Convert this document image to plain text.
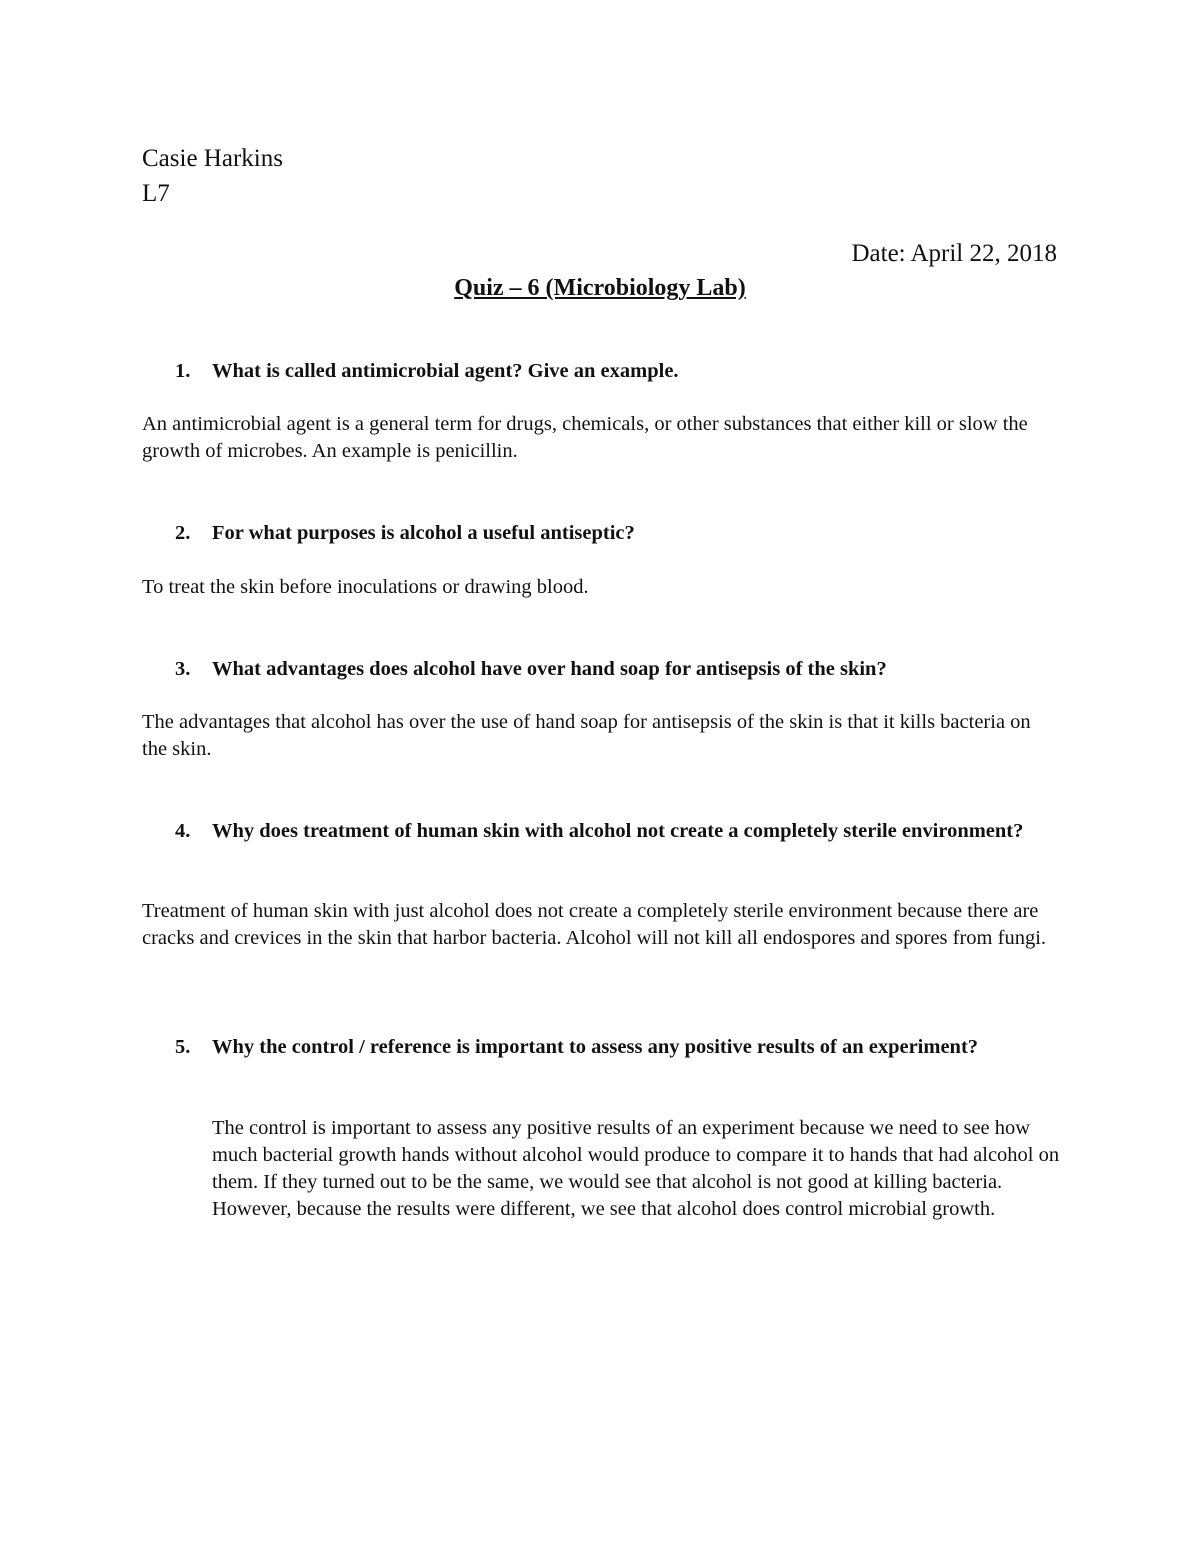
Casie Harkins
L7
Date: April 22, 2018
Quiz – 6 (Microbiology Lab)
1. What is called antimicrobial agent? Give an example.
An antimicrobial agent is a general term for drugs, chemicals, or other substances that either kill or slow the growth of microbes. An example is penicillin.
2. For what purposes is alcohol a useful antiseptic?
To treat the skin before inoculations or drawing blood.
3. What advantages does alcohol have over hand soap for antisepsis of the skin?
The advantages that alcohol has over the use of hand soap for antisepsis of the skin is that it kills bacteria on the skin.
4. Why does treatment of human skin with alcohol not create a completely sterile environment?
Treatment of human skin with just alcohol does not create a completely sterile environment because there are cracks and crevices in the skin that harbor bacteria. Alcohol will not kill all endospores and spores from fungi.
5. Why the control / reference is important to assess any positive results of an experiment?
The control is important to assess any positive results of an experiment because we need to see how much bacterial growth hands without alcohol would produce to compare it to hands that had alcohol on them. If they turned out to be the same, we would see that alcohol is not good at killing bacteria. However, because the results were different, we see that alcohol does control microbial growth.
